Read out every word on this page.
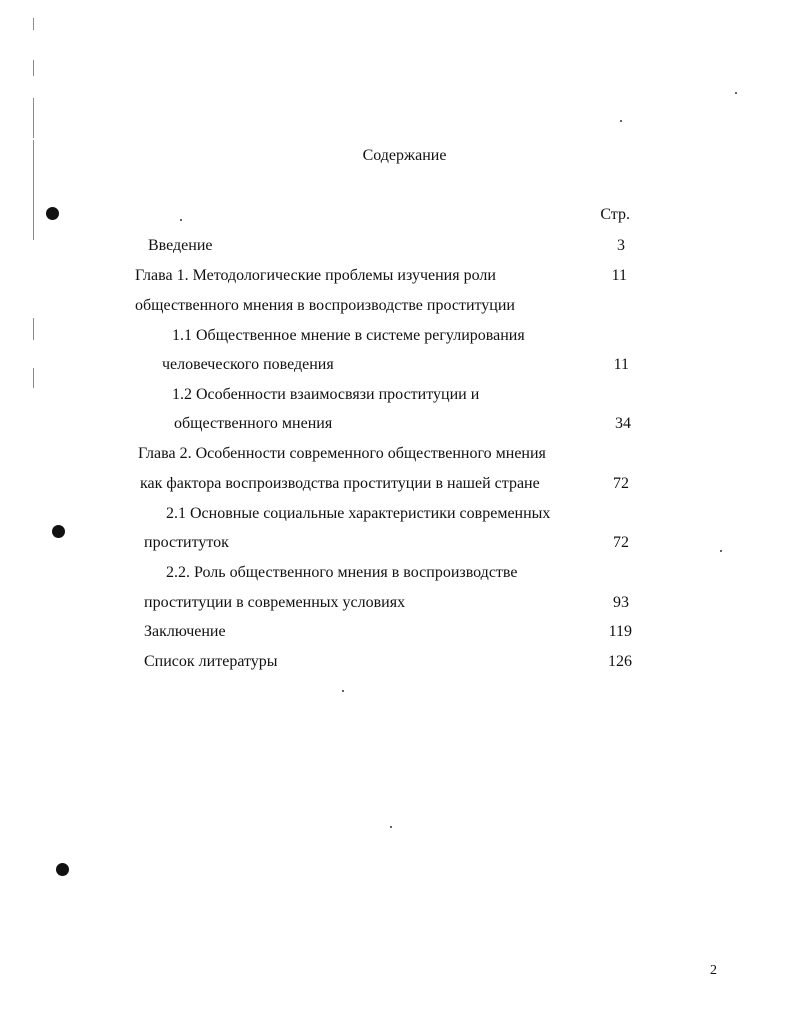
Содержание
Стр.
Введение	3
Глава 1. Методологические проблемы изучения роли	11
общественного мнения в воспроизводстве проституции
1.1 Общественное мнение в системе регулирования
человеческого поведения	11
1.2 Особенности взаимосвязи проституции и
общественного мнения	34
Глава 2. Особенности современного общественного мнения
как фактора воспроизводства проституции в нашей стране	72
2.1 Основные социальные характеристики современных
проституток	72
2.2. Роль общественного мнения в воспроизводстве
проституции в современных условиях	93
Заключение	119
Список литературы	126
2
